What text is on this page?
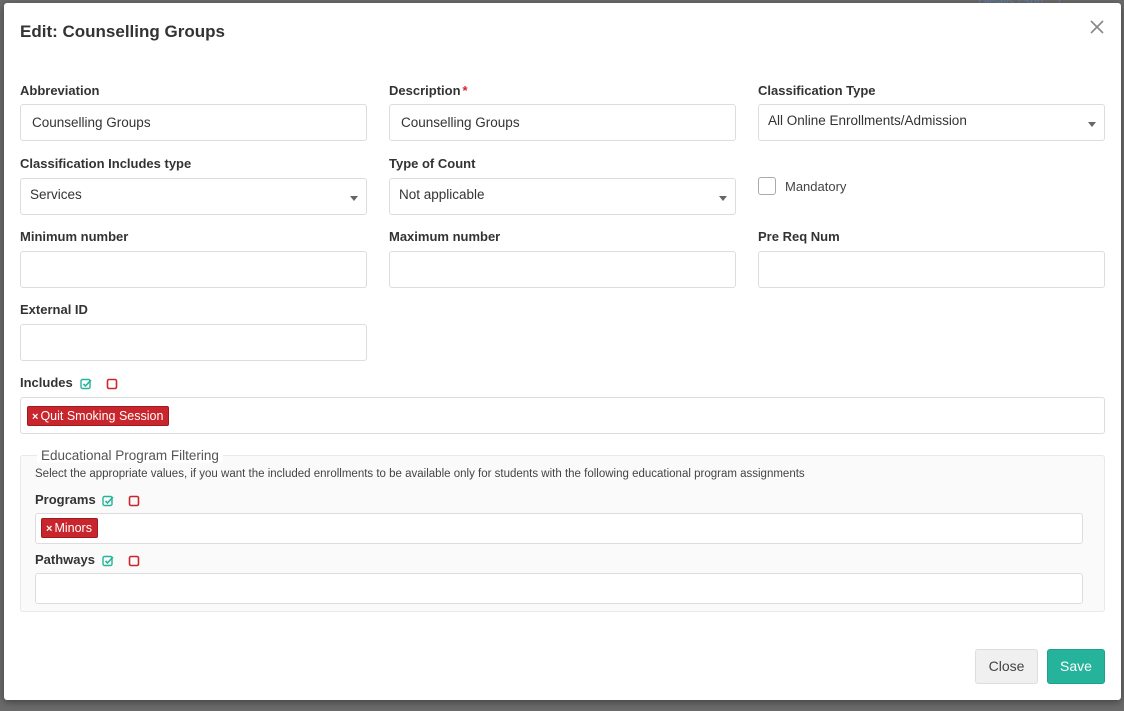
Edit: Counselling Groups
Abbreviation
Counselling Groups
Description *
Counselling Groups
Classification Type
All Online Enrollments/Admission
Classification Includes type
Services
Type of Count
Not applicable
Mandatory
Minimum number	Maximum number	Pre Req Num
External ID
Includes
× Quit Smoking Session
Educational Program Filtering
Select the appropriate values, if you want the included enrollments to be available only for students with the following educational program assignments
Programs
× Minors
Pathways
Close	Save
